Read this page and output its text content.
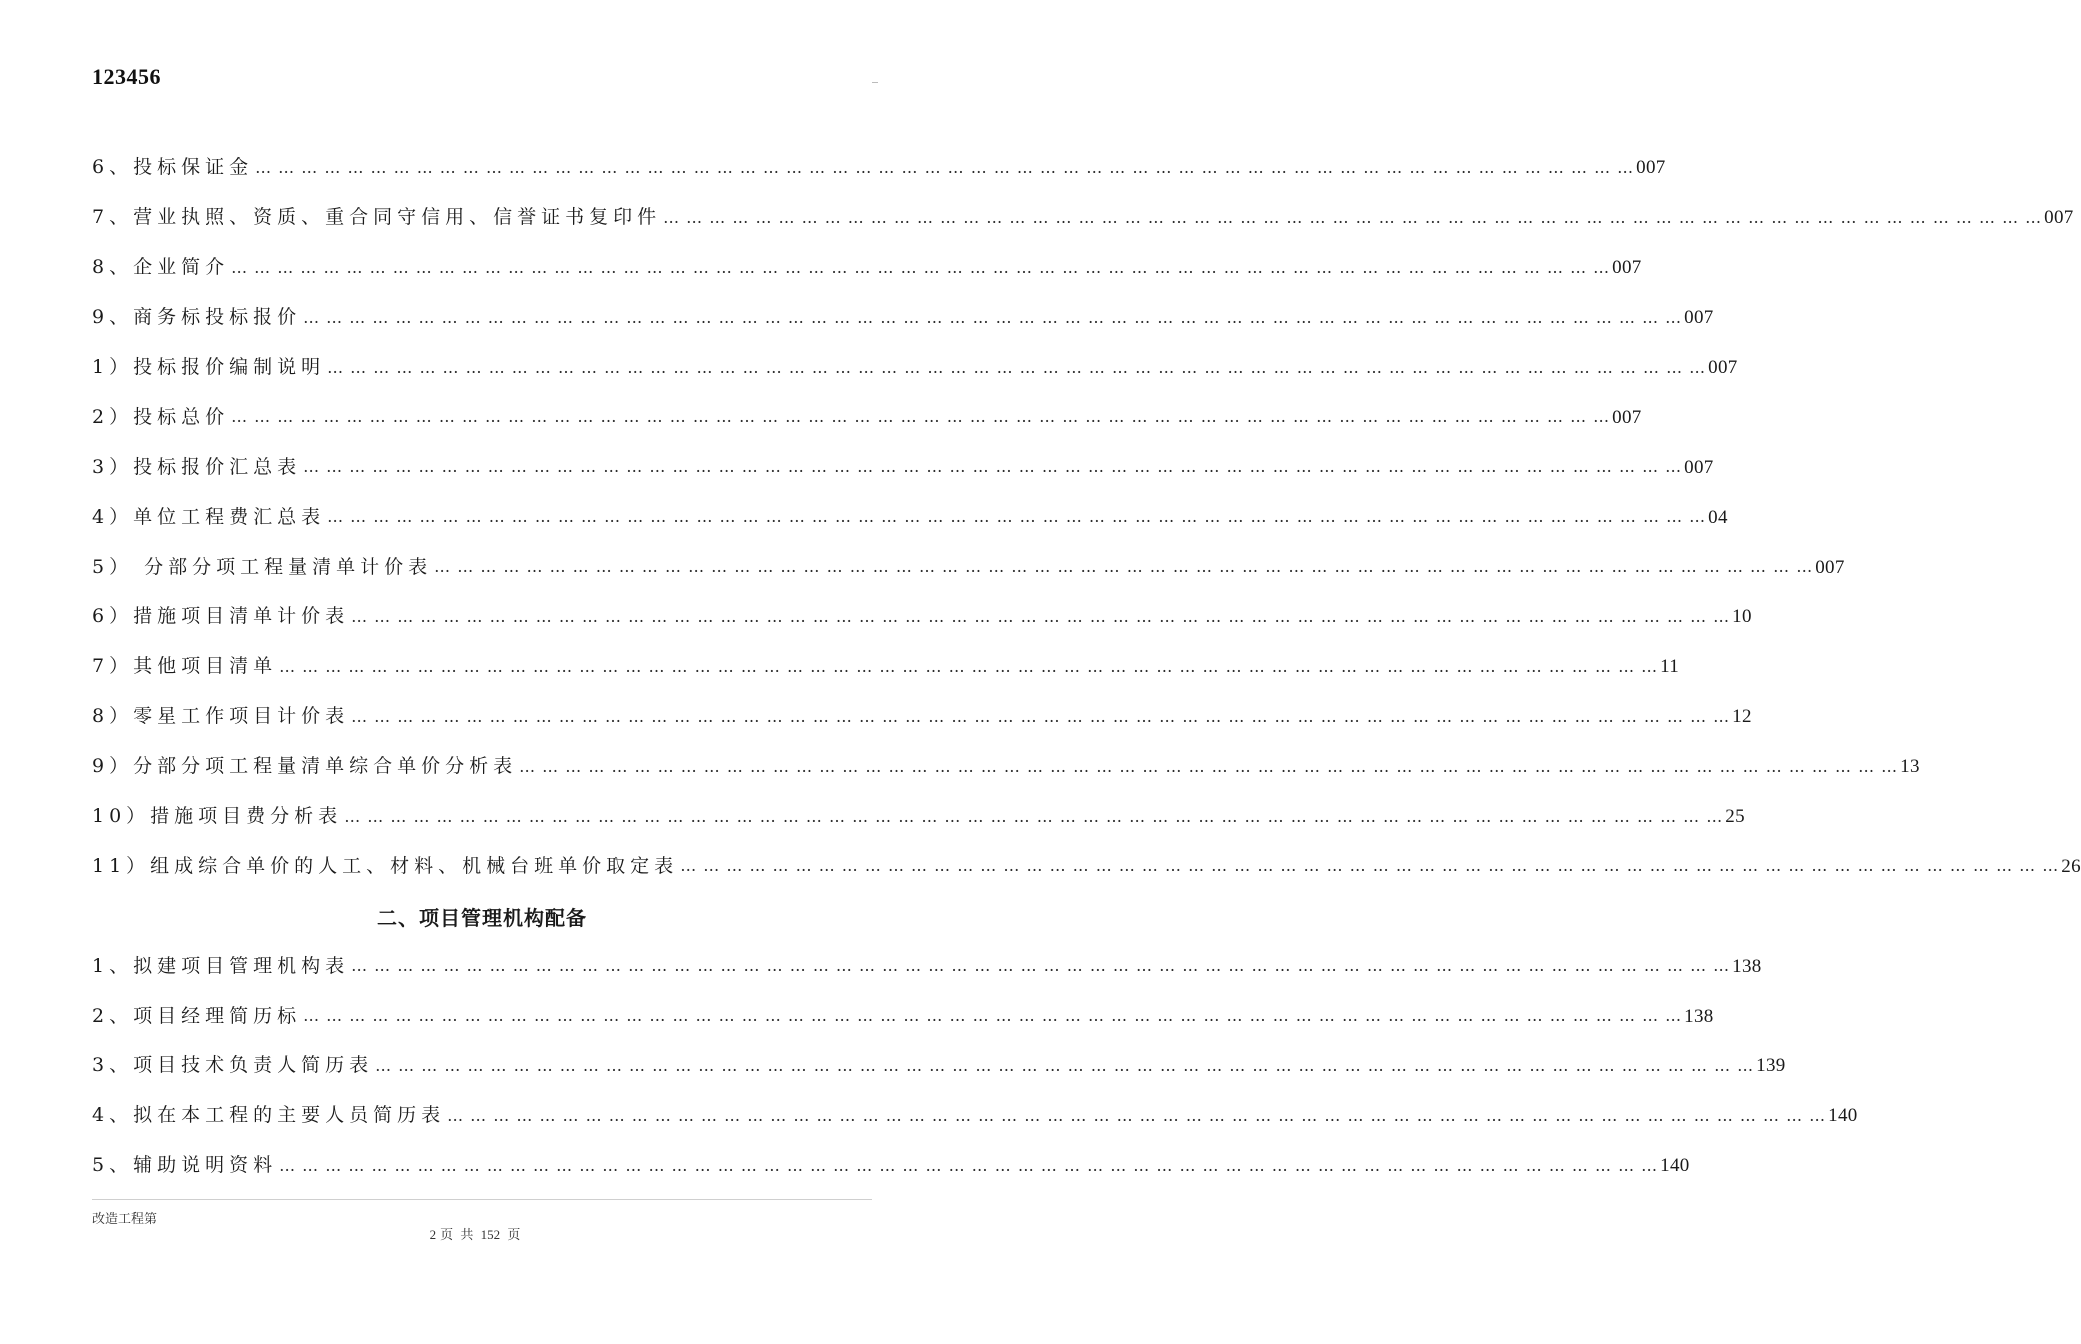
123456
6、投标保证金 … … … … … … … … … … … … … … … … … … … … … … … … … … … … … … … … … … … … … … … … … … … … … … … … … … … … … … … … … … … … 007
7、营业执照、资质、重合同守信用、信誉证书复印件 … … … … … … … … … … … … … … … … … … … … … … … … … … … … … … … … … … … … … … … … … … … … … … … … … … … … … … … … … … … … 007
8、企业简介 … … … … … … … … … … … … … … … … … … … … … … … … … … … … … … … … … … … … … … … … … … … … … … … … … … … … … … … … … … … … 007
9、商务标投标报价 … … … … … … … … … … … … … … … … … … … … … … … … … … … … … … … … … … … … … … … … … … … … … … … … … … … … … … … … … … … … 007
1）投标报价编制说明 … … … … … … … … … … … … … … … … … … … … … … … … … … … … … … … … … … … … … … … … … … … … … … … … … … … … … … … … … … … … 007
2）投标总价 … … … … … … … … … … … … … … … … … … … … … … … … … … … … … … … … … … … … … … … … … … … … … … … … … … … … … … … … … … … … 007
3）投标报价汇总表 … … … … … … … … … … … … … … … … … … … … … … … … … … … … … … … … … … … … … … … … … … … … … … … … … … … … … … … … … … … … 007
4）单位工程费汇总表 … … … … … … … … … … … … … … … … … … … … … … … … … … … … … … … … … … … … … … … … … … … … … … … … … … … … … … … … … … … … 04
5） 分部分项工程量清单计价表 … … … … … … … … … … … … … … … … … … … … … … … … … … … … … … … … … … … … … … … … … … … … … … … … … … … … … … … … … … … … 007
6）措施项目清单计价表 … … … … … … … … … … … … … … … … … … … … … … … … … … … … … … … … … … … … … … … … … … … … … … … … … … … … … … … … … … … … 10
7）其他项目清单 … … … … … … … … … … … … … … … … … … … … … … … … … … … … … … … … … … … … … … … … … … … … … … … … … … … … … … … … … … … … 11
8）零星工作项目计价表 … … … … … … … … … … … … … … … … … … … … … … … … … … … … … … … … … … … … … … … … … … … … … … … … … … … … … … … … … … … … 12
9）分部分项工程量清单综合单价分析表 … … … … … … … … … … … … … … … … … … … … … … … … … … … … … … … … … … … … … … … … … … … … … … … … … … … … … … … … … … … … 13
10）措施项目费分析表 … … … … … … … … … … … … … … … … … … … … … … … … … … … … … … … … … … … … … … … … … … … … … … … … … … … … … … … … … … … … 25
11）组成综合单价的人工、材料、机械台班单价取定表 … … … … … … … … … … … … … … … … … … … … … … … … … … … … … … … … … … … … … … … … … … … … … … … … … … … … … … … … … … … … 26
二、项目管理机构配备
1、拟建项目管理机构表 … … … … … … … … … … … … … … … … … … … … … … … … … … … … … … … … … … … … … … … … … … … … … … … … … … … … … … … … … … … … 138
2、项目经理简历标 … … … … … … … … … … … … … … … … … … … … … … … … … … … … … … … … … … … … … … … … … … … … … … … … … … … … … … … … … … … … 138
3、项目技术负责人简历表 … … … … … … … … … … … … … … … … … … … … … … … … … … … … … … … … … … … … … … … … … … … … … … … … … … … … … … … … … … … … 139
4、拟在本工程的主要人员简历表 … … … … … … … … … … … … … … … … … … … … … … … … … … … … … … … … … … … … … … … … … … … … … … … … … … … … … … … … … … … … 140
5、辅助说明资料 … … … … … … … … … … … … … … … … … … … … … … … … … … … … … … … … … … … … … … … … … … … … … … … … … … … … … … … … … … … … 140
改造工程第
2 页 共 152 页
